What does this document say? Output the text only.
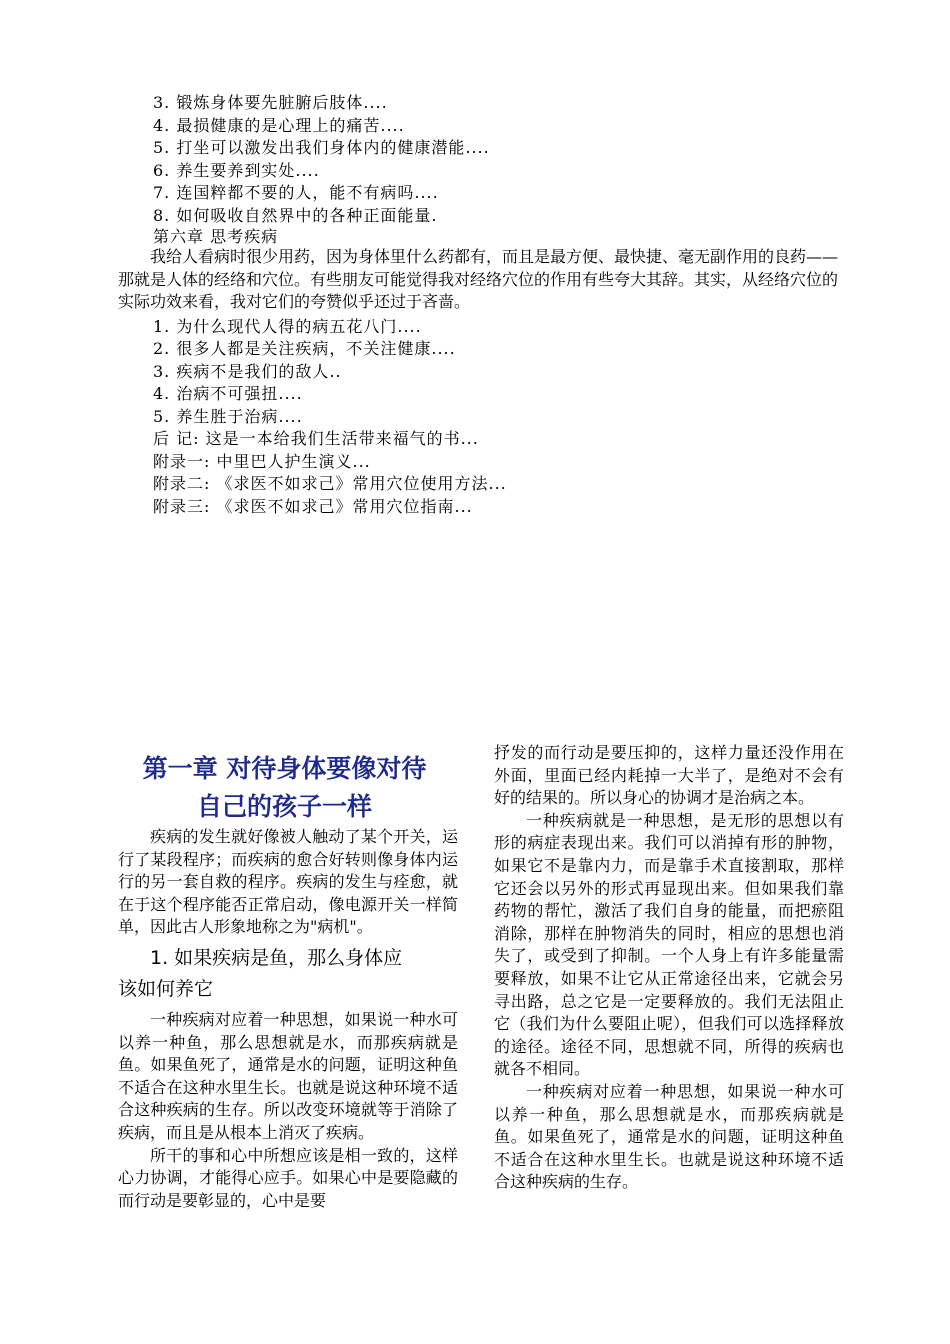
3. 锻炼身体要先脏腑后肢体....
4. 最损健康的是心理上的痛苦....
5. 打坐可以激发出我们身体内的健康潜能....
6. 养生要养到实处....
7. 连国粹都不要的人，能不有病吗....
8. 如何吸收自然界中的各种正面能量.
第六章 思考疾病
我给人看病时很少用药，因为身体里什么药都有，而且是最方便、最快捷、毫无副作用的良药——那就是人体的经络和穴位。有些朋友可能觉得我对经络穴位的作用有些夸大其辞。其实，从经络穴位的实际功效来看，我对它们的夸赞似乎还过于吝啬。
1. 为什么现代人得的病五花八门....
2. 很多人都是关注疾病，不关注健康....
3. 疾病不是我们的敌人..
4. 治病不可强扭....
5. 养生胜于治病....
后 记: 这是一本给我们生活带来福气的书...
附录一: 中里巴人护生演义...
附录二: 《求医不如求己》常用穴位使用方法...
附录三: 《求医不如求己》常用穴位指南...
第一章 对待身体要像对待
自己的孩子一样

疾病的发生就好像被人触动了某个开关，运行了某段程序；而疾病的愈合好转则像身体内运行的另一套自救的程序。疾病的发生与痊愈，就在于这个程序能否正常启动，像电源开关一样简单，因此古人形象地称之为"病机"。

1. 如果疾病是鱼，那么身体应
该如何养它

一种疾病对应着一种思想，如果说一种水可以养一种鱼，那么思想就是水，而那疾病就是鱼。如果鱼死了，通常是水的问题，证明这种鱼不适合在这种水里生长。也就是说这种环境不适合这种疾病的生存。所以改变环境就等于消除了疾病，而且是从根本上消灭了疾病。

所干的事和心中所想应该是相一致的，这样心力协调，才能得心应手。如果心中是要隐藏的而行动是要彰显的，心中是要

抒发的而行动是要压抑的，这样力量还没作用在外面，里面已经内耗掉一大半了，是绝对不会有好的结果的。所以身心的协调才是治病之本。

一种疾病就是一种思想，是无形的思想以有形的病症表现出来。我们可以消掉有形的肿物，如果它不是靠内力，而是靠手术直接割取，那样它还会以另外的形式再显现出来。但如果我们靠药物的帮忙，激活了我们自身的能量，而把瘀阻消除，那样在肿物消失的同时，相应的思想也消失了，或受到了抑制。一个人身上有许多能量需要释放，如果不让它从正常途径出来，它就会另寻出路，总之它是一定要释放的。我们无法阻止它（我们为什么要阻止呢），但我们可以选择释放的途径。途径不同，思想就不同，所得的疾病也就各不相同。

一种疾病对应着一种思想，如果说一种水可以养一种鱼，那么思想就是水，而那疾病就是鱼。如果鱼死了，通常是水的问题，证明这种鱼不适合在这种水里生长。也就是说这种环境不适合这种疾病的生存。
